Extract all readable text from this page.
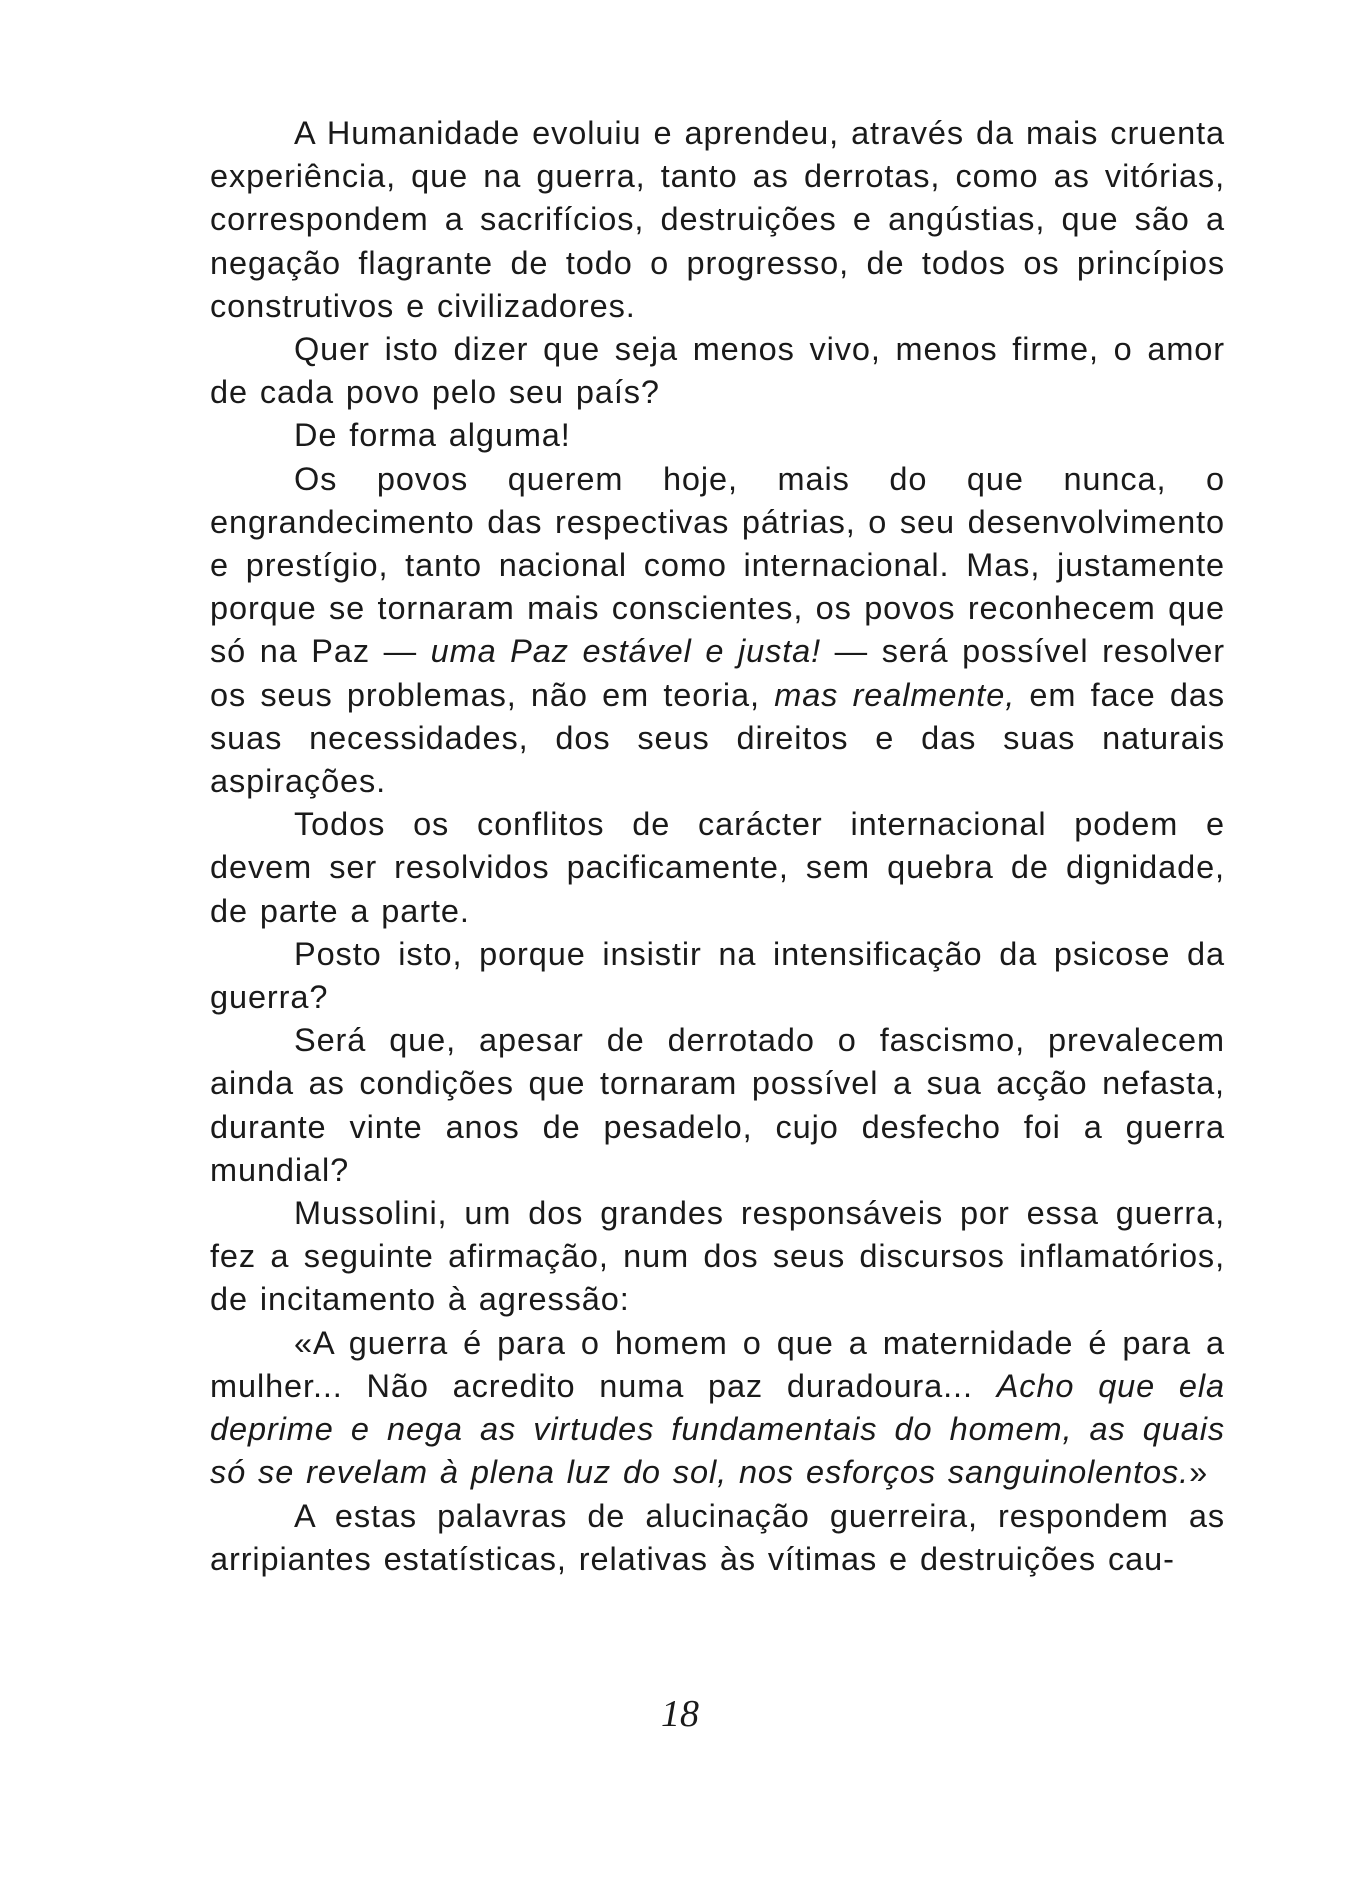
A Humanidade evoluiu e aprendeu, através da mais cruenta experiência, que na guerra, tanto as derrotas, como as vitórias, correspondem a sacrifícios, destruições e angústias, que são a negação flagrante de todo o progresso, de todos os princípios construtivos e civilizadores.

Quer isto dizer que seja menos vivo, menos firme, o amor de cada povo pelo seu país?

De forma alguma!

Os povos querem hoje, mais do que nunca, o engrandecimento das respectivas pátrias, o seu desenvolvimento e prestígio, tanto nacional como internacional. Mas, justamente porque se tornaram mais conscientes, os povos reconhecem que só na Paz — uma Paz estável e justa! — será possível resolver os seus problemas, não em teoria, mas realmente, em face das suas necessidades, dos seus direitos e das suas naturais aspirações.

Todos os conflitos de carácter internacional podem e devem ser resolvidos pacificamente, sem quebra de dignidade, de parte a parte.

Posto isto, porque insistir na intensificação da psicose da guerra?

Será que, apesar de derrotado o fascismo, prevalecem ainda as condições que tornaram possível a sua acção nefasta, durante vinte anos de pesadelo, cujo desfecho foi a guerra mundial?

Mussolini, um dos grandes responsáveis por essa guerra, fez a seguinte afirmação, num dos seus discursos inflamatórios, de incitamento à agressão:

«A guerra é para o homem o que a maternidade é para a mulher... Não acredito numa paz duradoura... Acho que ela deprime e nega as virtudes fundamentais do homem, as quais só se revelam à plena luz do sol, nos esforços sanguinolentos.»

A estas palavras de alucinação guerreira, respondem as arripiantes estatísticas, relativas às vítimas e destruições cau-

18
